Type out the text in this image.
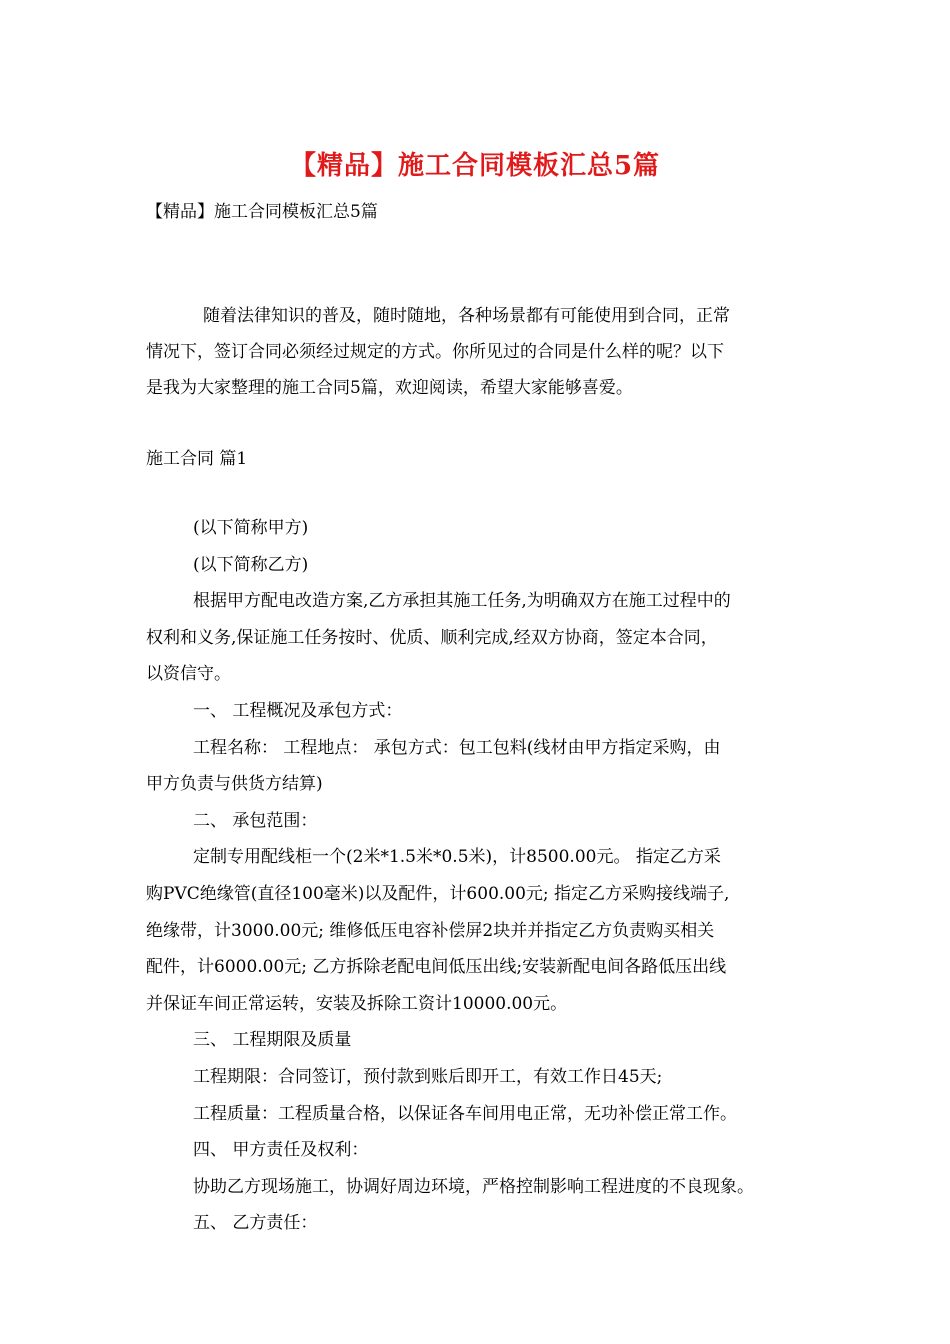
【精品】施工合同模板汇总5篇

【精品】施工合同模板汇总5篇

随着法律知识的普及，随时随地，各种场景都有可能使用到合同，正常
情况下，签订合同必须经过规定的方式。你所见过的合同是什么样的呢？以下
是我为大家整理的施工合同5篇，欢迎阅读，希望大家能够喜爱。

施工合同 篇1

(以下简称甲方)
(以下简称乙方)
根据甲方配电改造方案,乙方承担其施工任务,为明确双方在施工过程中的
权利和义务,保证施工任务按时、优质、顺利完成,经双方协商，签定本合同，
以资信守。
一、 工程概况及承包方式：
工程名称： 工程地点： 承包方式：包工包料(线材由甲方指定采购，由
甲方负责与供货方结算)
二、 承包范围：
定制专用配线柜一个(2米*1.5米*0.5米)，计8500.00元。 指定乙方采
购PVC绝缘管(直径100毫米)以及配件，计600.00元; 指定乙方采购接线端子,
绝缘带，计3000.00元; 维修低压电容补偿屏2块并并指定乙方负责购买相关
配件，计6000.00元; 乙方拆除老配电间低压出线;安装新配电间各路低压出线
并保证车间正常运转，安装及拆除工资计10000.00元。
三、 工程期限及质量
工程期限：合同签订，预付款到账后即开工，有效工作日45天;
工程质量：工程质量合格，以保证各车间用电正常，无功补偿正常工作。
四、 甲方责任及权利：
协助乙方现场施工，协调好周边环境，严格控制影响工程进度的不良现象。
五、 乙方责任：
